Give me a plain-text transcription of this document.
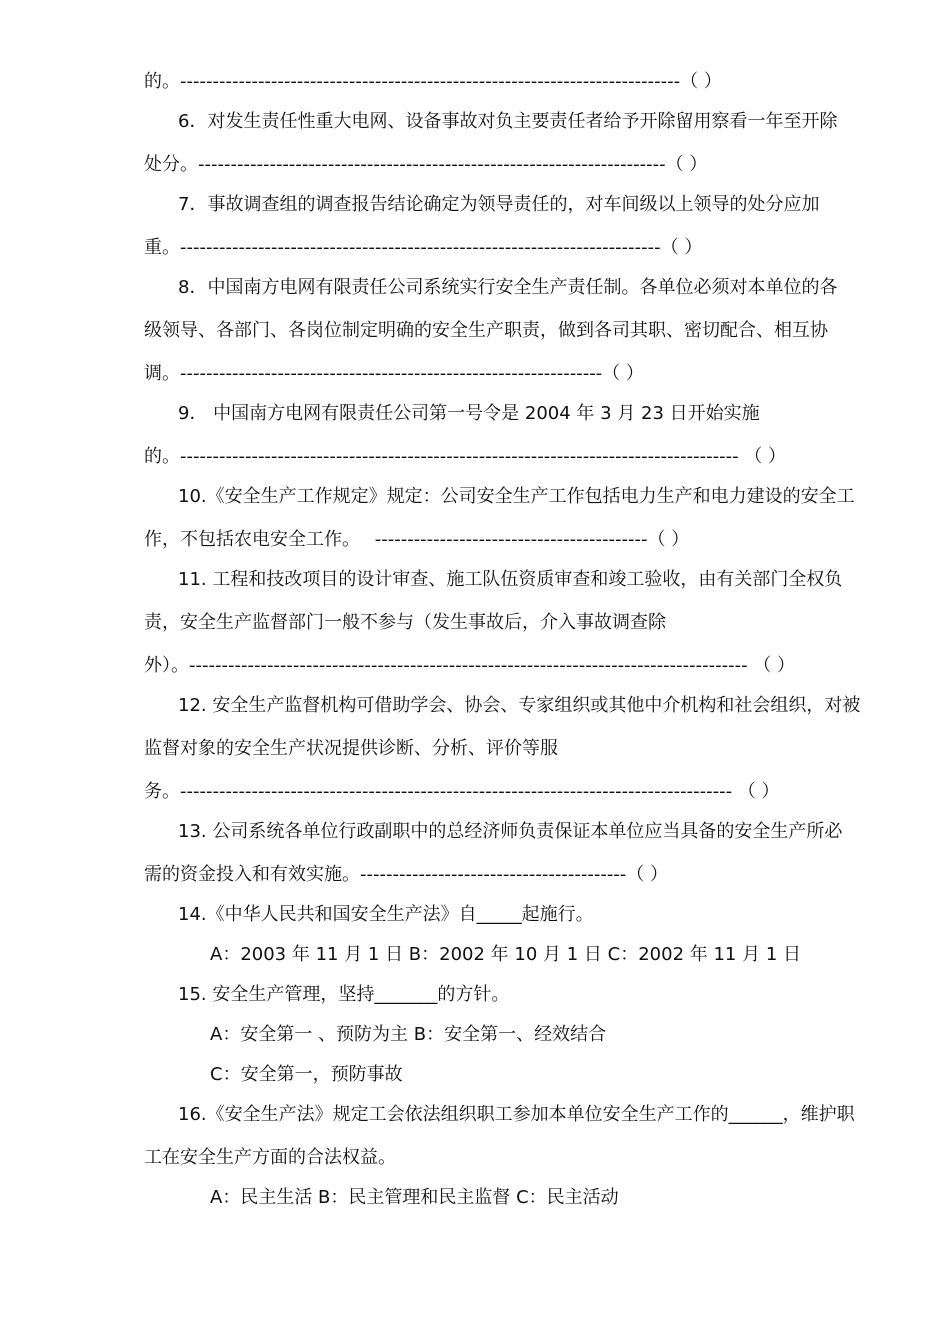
的。-----------------------------------------------------------------------------（ ）
6．对发生责任性重大电网、设备事故对负主要责任者给予开除留用察看一年至开除
处分。------------------------------------------------------------------------（ ）
7．事故调查组的调查报告结论确定为领导责任的，对车间级以上领导的处分应加
重。--------------------------------------------------------------------------（ ）
8．中国南方电网有限责任公司系统实行安全生产责任制。各单位必须对本单位的各
级领导、各部门、各岗位制定明确的安全生产职责，做到各司其职、密切配合、相互协
调。-----------------------------------------------------------------（ ）
9． 中国南方电网有限责任公司第一号令是 2004 年 3 月 23 日开始实施
的。-------------------------------------------------------------------------------------- （ ）
10.《安全生产工作规定》规定：公司安全生产工作包括电力生产和电力建设的安全工
作，不包括农电安全工作。　 ------------------------------------------（ ）
11. 工程和技改项目的设计审查、施工队伍资质审查和竣工验收，由有关部门全权负
责，安全生产监督部门一般不参与（发生事故后，介入事故调查除
外）。-------------------------------------------------------------------------------------- （ ）
12. 安全生产监督机构可借助学会、协会、专家组织或其他中介机构和社会组织，对被
监督对象的安全生产状况提供诊断、分析、评价等服
务。------------------------------------------------------------------------------------- （ ）
13. 公司系统各单位行政副职中的总经济师负责保证本单位应当具备的安全生产所必
需的资金投入和有效实施。-----------------------------------------（ ）
14.《中华人民共和国安全生产法》自_____起施行。
A：2003 年 11 月 1 日 B：2002 年 10 月 1 日 C：2002 年 11 月 1 日
15. 安全生产管理，坚持_______的方针。
A：安全第一 、预防为主 B：安全第一、经效结合
C：安全第一，预防事故
16.《安全生产法》规定工会依法组织职工参加本单位安全生产工作的______，维护职
工在安全生产方面的合法权益。
A：民主生活 B：民主管理和民主监督 C：民主活动
